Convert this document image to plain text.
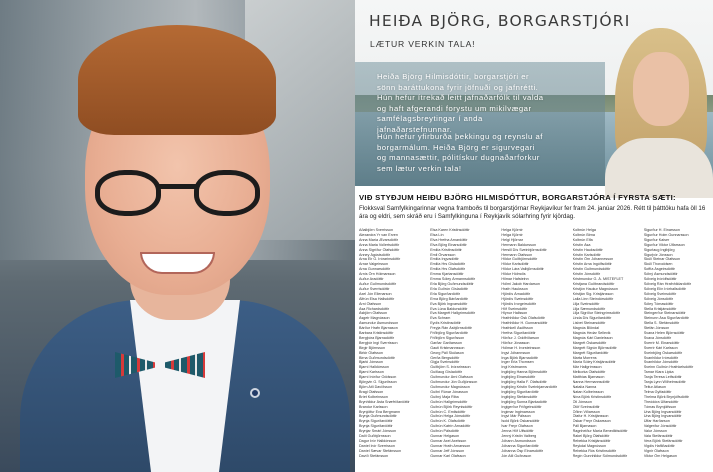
HEIÐA BJÖRG, BORGARSTJÓRI
LÆTUR VERKIN TALA!
Heiða Björg Hilmisdóttir, borgarstjóri er sönn baráttukona fyrir jöfnuði og jafnrétti. Hún hefur ítrekað leitt jafnaðarfólk til valda og haft afgerandi forystu um mikilvægar samfélagsbreytingar í anda jafnaðarstefnunnar.
Hún hefur yfirburða þekkingu og reynslu af borgarmálum. Heiða Björg er sigurvegari og mannasættir, pólitískur dugnaðarforkur sem lætur verkin tala!
VIÐ STYÐJUM HEIÐU BJÖRG HILMISDÓTTUR, BORGARSTJÓRA Í FYRSTA SÆTI:
Flokksval Samfylkingarinnar vegna framboðs til borgarstjórnar Reykjavíkur fer fram 24. janúar 2026. Rétt til þátttöku hafa öll 16 ára og eldri, sem skráð eru í Samfylkinguna í Reykjavík sólarhring fyrir kjördag.
Aðalbjörn Sverrisson
Alexandra Yr van Erven
Anna María Ævarsdóttir
Anna Maria Vollertsdóttir
Anna Sigríður Ólafsdóttir
Anney Ágústsdóttir
Arna Eir G. Þórarinsdóttir
Arnar Valgeirsson
Arna Gunnarsdóttir
Arnís Örn Hólmarsson
Auður Aradóttir
Auður Guðmundsdóttir
Auður Sverrisdóttir
Axel Jón Ellenarson
Álfrún Elsa Hallsdóttir
Árni Ólafsson
Ása Richardsdóttir
Ásbjörn Ólafsson
Ásgeir Magnússon
Ásmundur Ásmundsson
Bárður Hrafn Bjarnason
Barbara Kristinsdóttir
Bergþóra Bjarnadóttir
Bergþór Ingi Sverrisson
Birgir Björnsson
Birkir Ólafsson
Birna Guðmundsdóttir
Bjarki Jónsson
Bjarni Halldórsson
Bjarni Karlsson
Bjarni Þórður Oddsson
Björgvin G. Sigurðsson
Björn Atli Davíðsson
Bragi Ólafsson
Bríet Kolbeinsson
Brynhildur Ásta Snæfríðardóttir
Brandur Karlsson
Brynjólfur Eva Bergmann
Brynja Guðmundsdóttir
Brynja Sigurðardóttir
Brynja Sigurðardóttir
Brynjar Smári Jónsson
Daði Guðbjörnsson
Dagur Þór Halldórsson
Daníel Þór Sverrisson
Daníel Sævar Stefánsson
Davíð Stefánsson
Elsa Karen Kristinsdóttir
Elsa Lín
Elva Hrefna Arnardóttir
Elva Björg Einarsdóttir
Emilía Kristinsdóttir
Emil Örvarsson
Emilía Ingvadóttir
Emilía Hrs Gísladóttir
Emilía Hrs Ólafsdóttir
Emma Kjartansdóttir
Emma Sóley Ármannsdóttir
Erla Björg Guðmundsdóttir
Erla Guðrún Gísladóttir
Erla Sigurðardóttir
Erna Björg Bárðardóttir
Eva Björk Ingvarsdóttir
Eva Lúna Baldursdóttir
Eva Margrét Hallgrímsdóttir
Eva Schram
Eydís Kristinsdóttir
Freyja Rán Ásbjörnsdóttir
Friðbjörg Sigurðardóttir
Friðbjörn Sigurðsson
Garðar Garðarsson
Gauti Kristmannsson
Georg Páll Skúlason
Gerða Bergsdóttir
Gígja Sveinsdóttir
Guðbjörn S. Þórarinsson
Guðlaug Gísladóttir
Guðmundur Árni Ólafsson
Guðmundur Jón Guðjónsson
Guðmundur Magnússon
Guðni Rúnar Jónasson
Guðný Maja Riba
Guðrún Hallgrímsdóttir
Guðrún Björk Reynisdóttir
Guðrún C. Emilsdóttir
Guðrún Helga Jónsdóttir
Guðrún K. Ólafsdóttir
Guðrún Katrín Árnadóttir
Guðrún Pálsdóttir
Gunnar Helgason
Gunnar Axel Axelsson
Gunnar Hrafn Arnarsson
Gunnar Jeff Jónsson
Gunnar Karl Ólafsson
Helga Kjörnir
Helga Kjörnir
Helgi Hjörnar
Hermann Baldursson
Hersill Dís Sveinbjörnsdóttir
Hermann Ólafsson
Hildur Guðbjörnsdóttir
Hildur Karlsdóttir
Hildur Lára Valbjörnsdóttir
Hildur Hólmdís
Hilmar Hafsteinn
Hólmi Jakob Hardarson
Hrafn Hauksson
Hjördís Árnadóttir
Hjördís Sveinsdóttir
Hjördís Þorgeirsdóttir
Hlíf Sveinsdóttir
Hlynur Hallsson
Hrafnhildur Ósk Ólafsdóttir
Hrafnhildur H. Gunnarsdóttir
Hrafnkell Ásólfsson
Hrefna Sigurðardóttir
Hörður J. Oddfríðarson
Hörður Jónasson
Hólmar H. Þorsteinsson
Ingvi Jóhannsson
Inga Björk Bjarnadóttir
Inger Erla Thomsen
Ingi Kristmanns
Ingibjörg Hanna Björnsdóttir
Ingibjörg Einarsdóttir
Ingibjörg Halla F. Ólafsdóttir
Ingibjörg Kristín Sveinbjarnardóttir
Ingibjörg Sigurðardóttir
Ingibjörg Stefánsdóttir
Ingibjörg Sunna Bjarkadóttir
Ingigerður Friðgeirsdóttir
Ingimar Ingimarsson
Ingvi Már Pálsson
Ísold Björk Óskarsdóttir
Ívar Freyr Ólafsson
Jenna Hlíf Ulfsdóttir
Jenný Kristín Valberg
Jóhann Ásmundsson
Jóhanna Sigurðardóttir
Jóhanna Ösp Einarsdóttir
Jón Atli Guðnason
Kolbrún Helga
Kolbrún Birna
Kolbrún Elfa
Kristín Ása
Kristín Hauksdóttir
Kristín Karlsdóttir
Kristín Örn Jóhannesson
Kristín Arna Ingólfsdóttir
Kristín Guðmundsdóttir
Kristín Jónsdóttir
Kristmundur G. Á. MISTEFLET
Kristjana Guðbrandsdóttir
Kristjón Haukur Magnússon
Kristján Sig. Kristjánsson
Lalla Linn Steindórsdóttir
Lilja Sveinsdóttir
Lilja Sæmundsdóttir
Lilja Sigríður Steingrímsdóttir
Linda Dís Sigurðardóttir
Lísbet Steinarsdóttir
Magnús Blöndal
Magnús Hedar Sellevik
Magnús Kári Danielsson
Margrét Óskarsdóttir
Margrét Sigrún Björnsdóttir
Margrét Sigurðardóttir
Marta Morrens
María Sóley Kristjánsdóttir
Már Hallgrímsson
Melkorka Ólafsdóttir
Matthías Bjarnason
Nanna Hermannsdóttir
Natalía Nanna
Natan Kolbeinsson
Nína Björk Kristinsdóttir
Óli Jónsson
Ólöf Sveinsdóttir
Óðinn Viðarsson
Ólafur H. Kristjánsson
Óskar Freyr Óskarsson
Páll Bjarnason
Ragnheiður María Benediktsdóttir
Rakel Björg Ólafsdóttir
Rebekka Kristjánsdóttir
Reykdal Magnússon
Rebekka Rós Kristinsdóttir
Regín Gunnhildur Sólmundsdóttir
Sigurður H. Einarsson
Sigurður Holm Gunnarsson
Sigurður Kaiser
Sigurður Viktor Úlfarsson
Sigurlaug Ingibjörg
Sigurþór Jónsson
Skúli Steinar Ólafsson
Skúli Thoroddsen
Soffía Ásgeirsdóttir
Sólný Ásmundsdóttir
Sólveig Þórólfsdóttir
Sólveig Rán Hrafnhildardóttir
Sólveig Elín Þórhallsdóttir
Sólveig Sveinsdóttir
Sólveig Jónsdóttir
Sóley Tómasdóttir
Stella Kristjánsdóttir
Steingerður Steinarsdóttir
Steinunn Ása Sigurðardóttir
Stella S. Stefánsdóttir
Stefán Jónsson
Svana Helen Björnsdóttir
Svava Jónsdóttir
Sverrir M. Einarsdóttir
Sverrir Kári Karlsson
Sveinbjörg Óskarsdóttir
Svanhildur Þórsdóttir
Svanhildur Jónsdóttir
Sveinn Guðrún Hrafnkelsdóttir
Tamar Klara Lipka
Tanja Teresa Leifsdóttir
Tanja Lynn Wilhelmsdóttir
Teitur Atlason
Telma Gylfadóttir
Thelma Björk Brynjólfsdóttir
Theódóra Úlfarsdóttir
Tómas Brynjólfsson
Una Björg Ingvarsdóttir
Una Björg Ingvarsdóttir
Úlfar Harðarson
Valgerður Jónsdóttir
Valur Jónsson
Vala Stefánsdóttir
Vera Björk Stefánsdóttir
Vigdís Hafliðadóttir
Vignir Ólafsson
Viktor Örn Helgason
